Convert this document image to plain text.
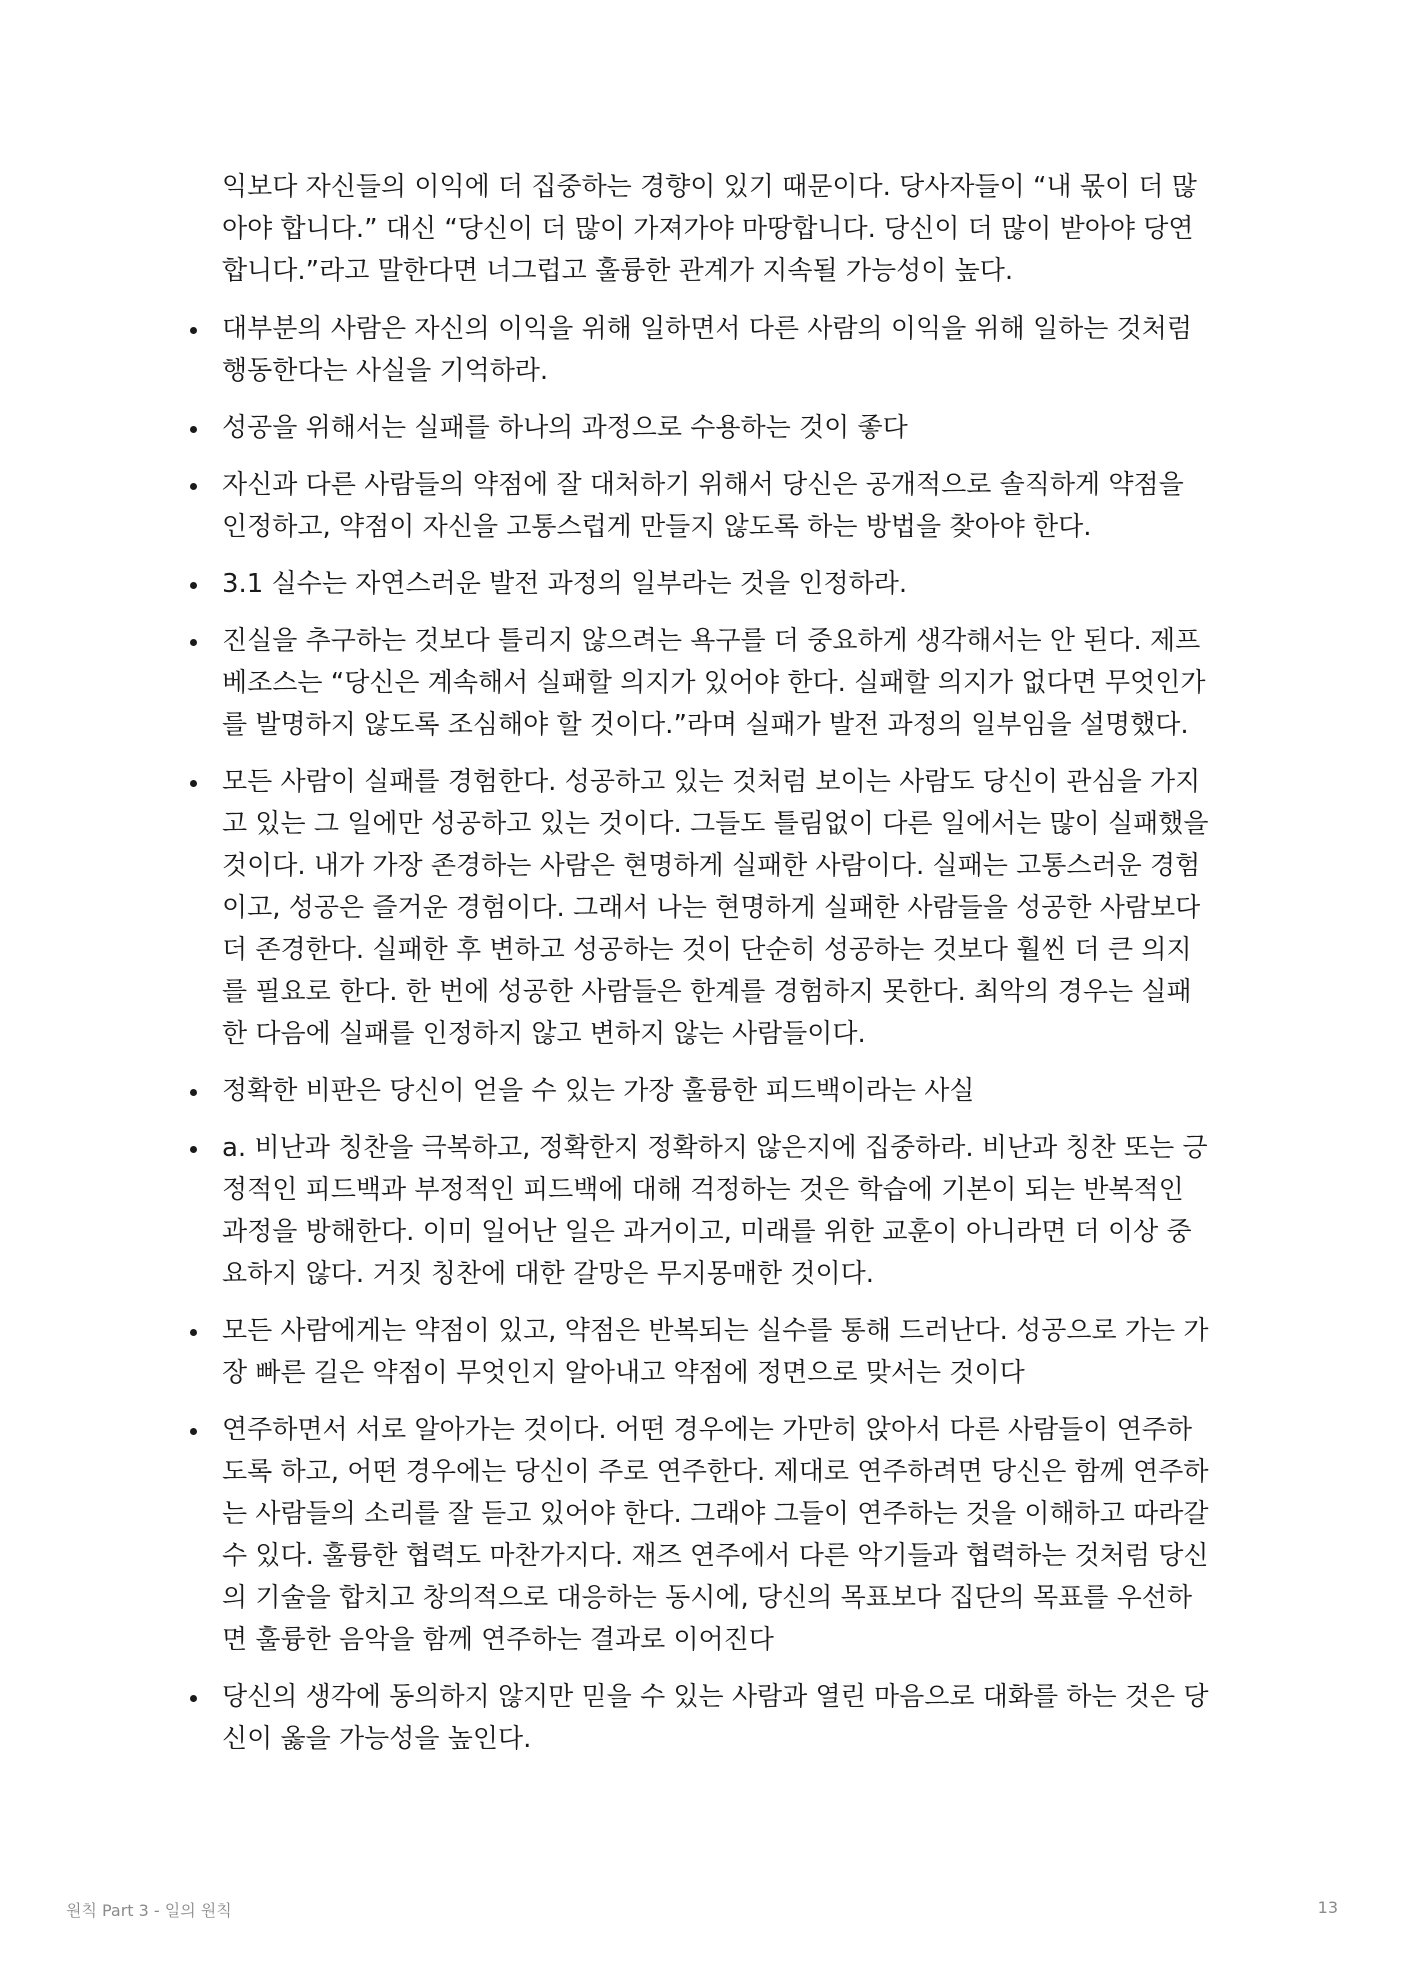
익보다 자신들의 이익에 더 집중하는 경향이 있기 때문이다. 당사자들이 “내 몫이 더 많
아야 합니다.” 대신 “당신이 더 많이 가져가야 마땅합니다. 당신이 더 많이 받아야 당연
합니다.”라고 말한다면 너그럽고 훌륭한 관계가 지속될 가능성이 높다.

대부분의 사람은 자신의 이익을 위해 일하면서 다른 사람의 이익을 위해 일하는 것처럼
행동한다는 사실을 기억하라.
성공을 위해서는 실패를 하나의 과정으로 수용하는 것이 좋다
자신과 다른 사람들의 약점에 잘 대처하기 위해서 당신은 공개적으로 솔직하게 약점을
인정하고, 약점이 자신을 고통스럽게 만들지 않도록 하는 방법을 찾아야 한다.
3.1 실수는 자연스러운 발전 과정의 일부라는 것을 인정하라.
진실을 추구하는 것보다 틀리지 않으려는 욕구를 더 중요하게 생각해서는 안 된다. 제프
베조스는 “당신은 계속해서 실패할 의지가 있어야 한다. 실패할 의지가 없다면 무엇인가
를 발명하지 않도록 조심해야 할 것이다.”라며 실패가 발전 과정의 일부임을 설명했다.
모든 사람이 실패를 경험한다. 성공하고 있는 것처럼 보이는 사람도 당신이 관심을 가지
고 있는 그 일에만 성공하고 있는 것이다. 그들도 틀림없이 다른 일에서는 많이 실패했을
것이다. 내가 가장 존경하는 사람은 현명하게 실패한 사람이다. 실패는 고통스러운 경험
이고, 성공은 즐거운 경험이다. 그래서 나는 현명하게 실패한 사람들을 성공한 사람보다
더 존경한다. 실패한 후 변하고 성공하는 것이 단순히 성공하는 것보다 훨씬 더 큰 의지
를 필요로 한다. 한 번에 성공한 사람들은 한계를 경험하지 못한다. 최악의 경우는 실패
한 다음에 실패를 인정하지 않고 변하지 않는 사람들이다.
정확한 비판은 당신이 얻을 수 있는 가장 훌륭한 피드백이라는 사실
a. 비난과 칭찬을 극복하고, 정확한지 정확하지 않은지에 집중하라. 비난과 칭찬 또는 긍
정적인 피드백과 부정적인 피드백에 대해 걱정하는 것은 학습에 기본이 되는 반복적인
과정을 방해한다. 이미 일어난 일은 과거이고, 미래를 위한 교훈이 아니라면 더 이상 중
요하지 않다. 거짓 칭찬에 대한 갈망은 무지몽매한 것이다.
모든 사람에게는 약점이 있고, 약점은 반복되는 실수를 통해 드러난다. 성공으로 가는 가
장 빠른 길은 약점이 무엇인지 알아내고 약점에 정면으로 맞서는 것이다
연주하면서 서로 알아가는 것이다. 어떤 경우에는 가만히 앉아서 다른 사람들이 연주하
도록 하고, 어떤 경우에는 당신이 주로 연주한다. 제대로 연주하려면 당신은 함께 연주하
는 사람들의 소리를 잘 듣고 있어야 한다. 그래야 그들이 연주하는 것을 이해하고 따라갈
수 있다. 훌륭한 협력도 마찬가지다. 재즈 연주에서 다른 악기들과 협력하는 것처럼 당신
의 기술을 합치고 창의적으로 대응하는 동시에, 당신의 목표보다 집단의 목표를 우선하
면 훌륭한 음악을 함께 연주하는 결과로 이어진다
당신의 생각에 동의하지 않지만 믿을 수 있는 사람과 열린 마음으로 대화를 하는 것은 당
신이 옳을 가능성을 높인다.
원칙 Part 3 - 일의 원칙	13
